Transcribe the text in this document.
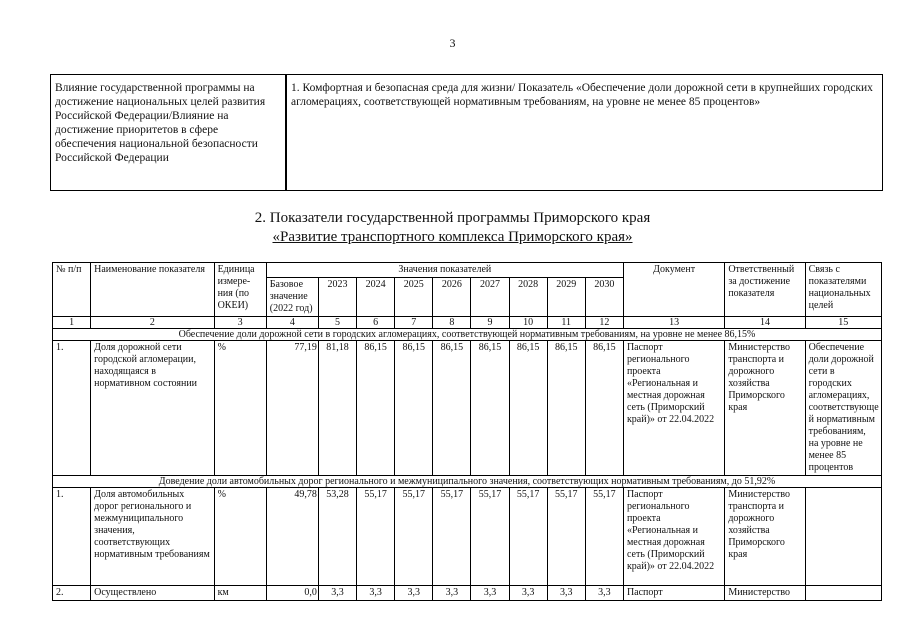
3
Влияние государственной программы на достижение национальных целей развития Российской Федерации/Влияние на достижение приоритетов в сфере обеспечения национальной безопасности Российской Федерации	1. Комфортная и безопасная среда для жизни/ Показатель «Обеспечение доли дорожной сети в крупнейших городских агломерациях, соответствующей нормативным требованиям, на уровне не менее 85 процентов»
2. Показатели государственной программы Приморского края
«Развитие транспортного комплекса Приморского края»
№ п/п	Наименование показателя	Единица измере-ния (по ОКЕИ)	Значения показателей									Документ	Ответственный за достижение показателя	Связь с показателями национальных целей
			Базовое значение (2022 год)	2023	2024	2025	2026	2027	2028	2029	2030			
1	2	3	4	5	6	7	8	9	10	11	12	13	14	15
Обеспечение доли дорожной сети в городских агломерациях, соответствующей нормативным требованиям, на уровне не менее 86,15%														
1.	Доля дорожной сети городской агломерации, находящаяся в нормативном состоянии	%	77,19	81,18	86,15	86,15	86,15	86,15	86,15	86,15	86,15	Паспорт регионального проекта «Региональная и местная дорожная сеть (Приморский край)» от 22.04.2022	Министерство транспорта и дорожного хозяйства Приморского края	Обеспечение доли дорожной сети в городских агломерациях, соответствующе й нормативным требованиям, на уровне не менее 85 процентов
Доведение доли автомобильных дорог регионального и межмуниципального значения, соответствующих нормативным требованиям, до 51,92%														
1.	Доля автомобильных дорог регионального и межмуниципального значения, соответствующих нормативным требованиям	%	49,78	53,28	55,17	55,17	55,17	55,17	55,17	55,17	55,17	Паспорт регионального проекта «Региональная и местная дорожная сеть (Приморский край)» от 22.04.2022	Министерство транспорта и дорожного хозяйства Приморского края	
2.	Осуществлено	км	0,0	3,3	3,3	3,3	3,3	3,3	3,3	3,3	3,3	Паспорт	Министерство	
